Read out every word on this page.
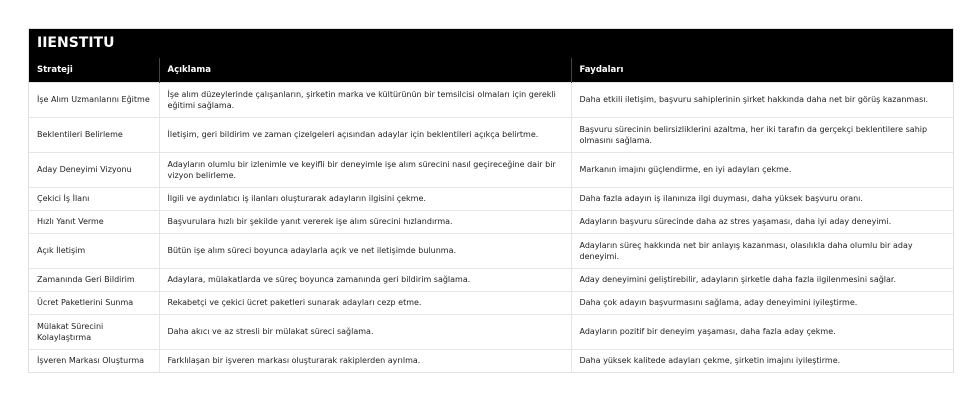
IIENSTITU
Strateji	Açıklama	Faydaları
İşe Alım Uzmanlarını Eğitme	İşe alım düzeylerinde çalışanların, şirketin marka ve kültürünün bir temsilcisi olmaları için gerekli eğitimi sağlama.	Daha etkili iletişim, başvuru sahiplerinin şirket hakkında daha net bir görüş kazanması.
Beklentileri Belirleme	İletişim, geri bildirim ve zaman çizelgeleri açısından adaylar için beklentileri açıkça belirtme.	Başvuru sürecinin belirsizliklerini azaltma, her iki tarafın da gerçekçi beklentilere sahip olmasını sağlama.
Aday Deneyimi Vizyonu	Adayların olumlu bir izlenimle ve keyifli bir deneyimle işe alım sürecini nasıl geçireceğine dair bir vizyon belirleme.	Markanın imajını güçlendirme, en iyi adayları çekme.
Çekici İş İlanı	İlgili ve aydınlatıcı iş ilanları oluşturarak adayların ilgisini çekme.	Daha fazla adayın iş ilanınıza ilgi duyması, daha yüksek başvuru oranı.
Hızlı Yanıt Verme	Başvurulara hızlı bir şekilde yanıt vererek işe alım sürecini hızlandırma.	Adayların başvuru sürecinde daha az stres yaşaması, daha iyi aday deneyimi.
Açık İletişim	Bütün işe alım süreci boyunca adaylarla açık ve net iletişimde bulunma.	Adayların süreç hakkında net bir anlayış kazanması, olasılıkla daha olumlu bir aday deneyimi.
Zamanında Geri Bildirim	Adaylara, mülakatlarda ve süreç boyunca zamanında geri bildirim sağlama.	Aday deneyimini geliştirebilir, adayların şirketle daha fazla ilgilenmesini sağlar.
Ücret Paketlerini Sunma	Rekabetçi ve çekici ücret paketleri sunarak adayları cezp etme.	Daha çok adayın başvurmasını sağlama, aday deneyimini iyileştirme.
Mülakat Sürecini Kolaylaştırma	Daha akıcı ve az stresli bir mülakat süreci sağlama.	Adayların pozitif bir deneyim yaşaması, daha fazla aday çekme.
İşveren Markası Oluşturma	Farklılaşan bir işveren markası oluşturarak rakiplerden ayrılma.	Daha yüksek kalitede adayları çekme, şirketin imajını iyileştirme.
